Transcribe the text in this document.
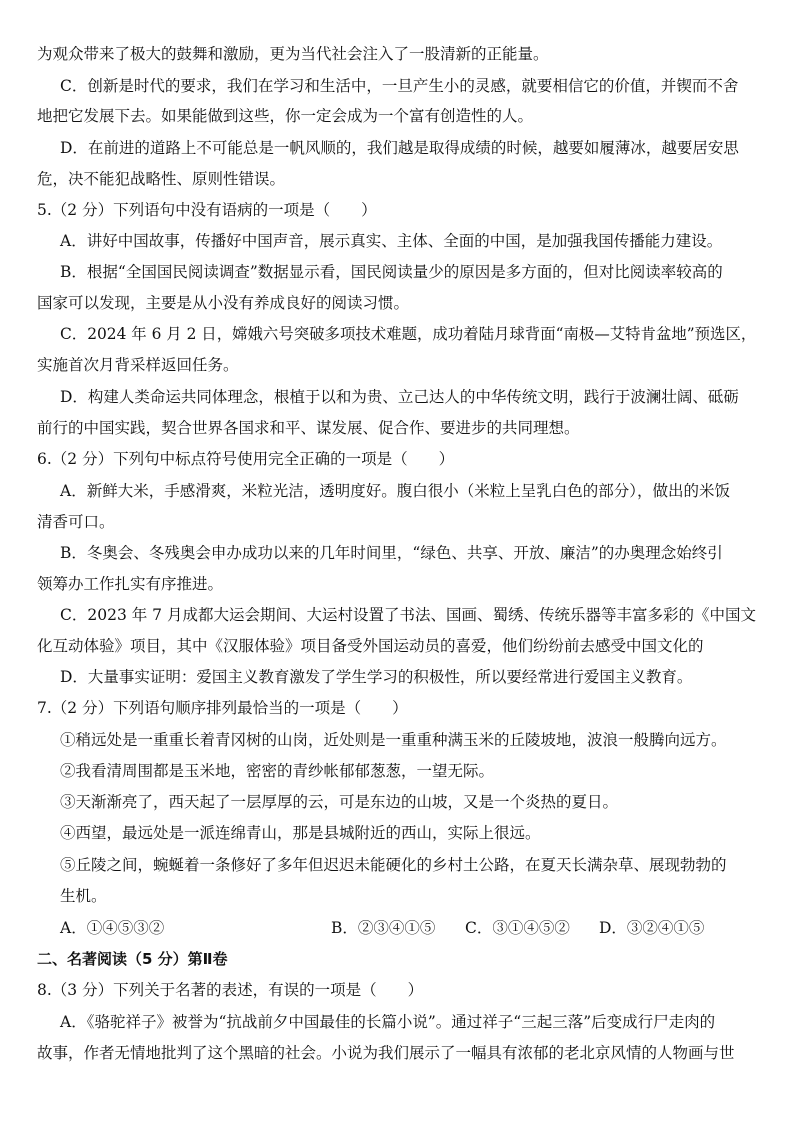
为观众带来了极大的鼓舞和激励，更为当代社会注入了一股清新的正能量。
C．创新是时代的要求，我们在学习和生活中，一旦产生小的灵感，就要相信它的价值，并锲而不舍
地把它发展下去。如果能做到这些，你一定会成为一个富有创造性的人。
D．在前进的道路上不可能总是一帆风顺的，我们越是取得成绩的时候，越要如履薄冰，越要居安思
危，决不能犯战略性、原则性错误。
5.（2 分）下列语句中没有语病的一项是（　　）
A．讲好中国故事，传播好中国声音，展示真实、主体、全面的中国，是加强我国传播能力建设。
B．根据“全国国民阅读调查”数据显示看，国民阅读量少的原因是多方面的，但对比阅读率较高的
国家可以发现，主要是从小没有养成良好的阅读习惯。
C．2024 年 6 月 2 日，嫦娥六号突破多项技术难题，成功着陆月球背面“南极—艾特肯盆地”预选区，
实施首次月背采样返回任务。
D．构建人类命运共同体理念，根植于以和为贵、立己达人的中华传统文明，践行于波澜壮阔、砥砺
前行的中国实践，契合世界各国求和平、谋发展、促合作、要进步的共同理想。
6.（2 分）下列句中标点符号使用完全正确的一项是（　　）
A．新鲜大米，手感滑爽，米粒光洁，透明度好。腹白很小（米粒上呈乳白色的部分），做出的米饭
清香可口。
B．冬奥会、冬残奥会申办成功以来的几年时间里，“绿色、共享、开放、廉洁”的办奥理念始终引
领筹办工作扎实有序推进。
C．2023 年 7 月成都大运会期间、大运村设置了书法、国画、蜀绣、传统乐器等丰富多彩的《中国文
化互动体验》项目，其中《汉服体验》项目备受外国运动员的喜爱，他们纷纷前去感受中国文化的
D．大量事实证明：爱国主义教育激发了学生学习的积极性，所以要经常进行爱国主义教育。
7.（2 分）下列语句顺序排列最恰当的一项是（　　）
①稍远处是一重重长着青冈树的山岗，近处则是一重重种满玉米的丘陵坡地，波浪一般腾向远方。
②我看清周围都是玉米地，密密的青纱帐郁郁葱葱，一望无际。
③天渐渐亮了，西天起了一层厚厚的云，可是东边的山坡，又是一个炎热的夏日。
④西望，最远处是一派连绵青山，那是县城附近的西山，实际上很远。
⑤丘陵之间，蜿蜒着一条修好了多年但迟迟未能硬化的乡村土公路，在夏天长满杂草、展现勃勃的
生机。
A．①④⑤③②	B．②③④①⑤ C．③①④⑤② D．③②④①⑤
二、名著阅读（5 分）第Ⅱ卷
8.（3 分）下列关于名著的表述，有误的一项是（　　）
A．《骆驼祥子》被誉为“抗战前夕中国最佳的长篇小说”。通过祥子“三起三落”后变成行尸走肉的
故事，作者无情地批判了这个黑暗的社会。小说为我们展示了一幅具有浓郁的老北京风情的人物画与世
